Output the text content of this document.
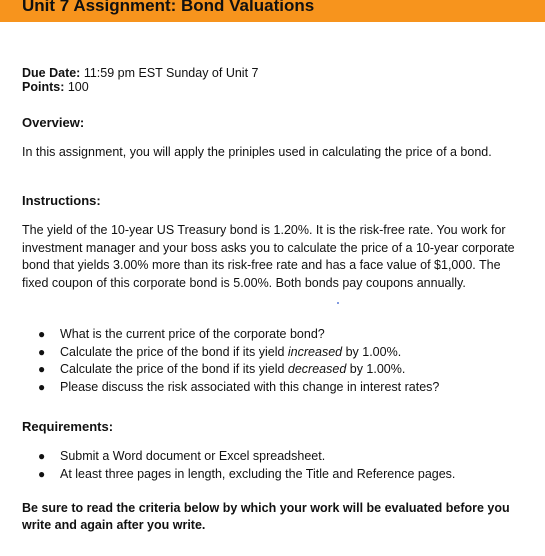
Unit 7 Assignment: Bond Valuations
Due Date: 11:59 pm EST Sunday of Unit 7
Points: 100
Overview:

In this assignment, you will apply the priniples used in calculating the price of a bond.

Instructions:

The yield of the 10-year US Treasury bond is 1.20%. It is the risk-free rate. You work for investment manager and your boss asks you to calculate the price of a 10-year corporate bond that yields 3.00% more than its risk-free rate and has a face value of $1,000. The fixed coupon of this corporate bond is 5.00%. Both bonds pay coupons annually.

● What is the current price of the corporate bond?
● Calculate the price of the bond if its yield increased by 1.00%.
● Calculate the price of the bond if its yield decreased by 1.00%.
● Please discuss the risk associated with this change in interest rates?
Requirements:
● Submit a Word document or Excel spreadsheet.
● At least three pages in length, excluding the Title and Reference pages.
Be sure to read the criteria below by which your work will be evaluated before you write and again after you write.
